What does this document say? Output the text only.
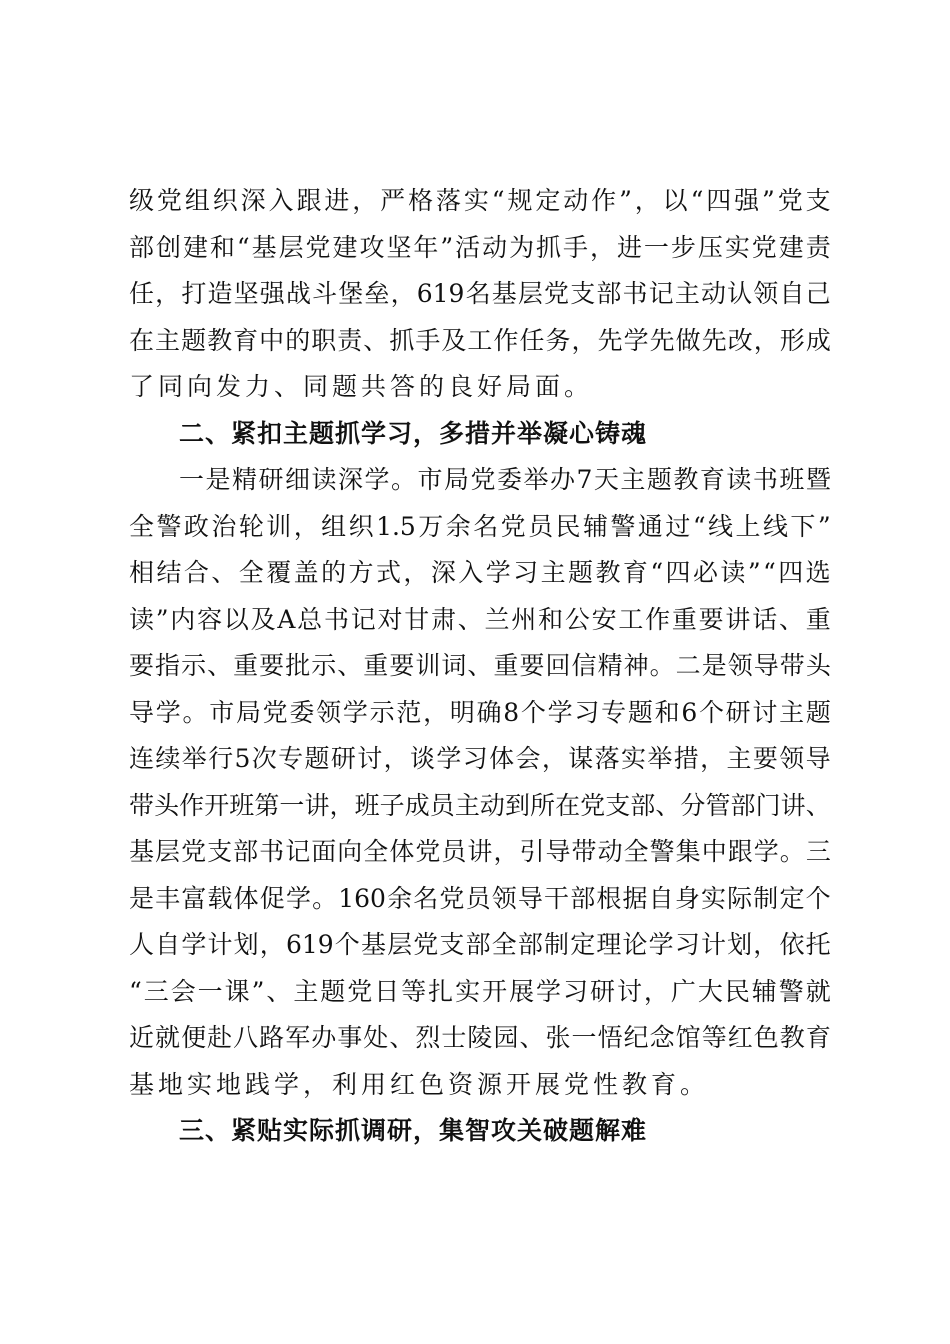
级 党 组 织 深 入 跟 进 ， 严 格 落 实 “ 规 定 动 作 ” ， 以 “ 四 强 ” 党 支
部 创 建 和 “ 基 层 党 建 攻 坚 年 ” 活 动 为 抓 手 ， 进 一 步 压 实 党 建 责
任 ， 打 造 坚 强 战 斗 堡 垒 ， 619 名 基 层 党 支 部 书 记 主 动 认 领 自 己
在 主 题 教 育 中 的 职 责 、 抓 手 及 工 作 任 务 ， 先 学 先 做 先 改 ， 形 成
了同向发力、同题共答的良好局面。
二、紧扣主题抓学习，多措并举凝心铸魂
一 是 精 研 细 读 深 学 。 市 局 党 委 举 办 7 天 主 题 教 育 读 书 班 暨
全 警 政 治 轮 训 ， 组 织 1.5 万 余 名 党 员 民 辅 警 通 过 “ 线 上 线 下 ”
相 结 合 、 全 覆 盖 的 方 式 ， 深 入 学 习 主 题 教 育 “ 四 必 读 ” “ 四 选
读 ” 内 容 以 及 A 总 书 记 对 甘 肃 、 兰 州 和 公 安 工 作 重 要 讲 话 、 重
要 指 示 、 重 要 批 示 、 重 要 训 词 、 重 要 回 信 精 神 。 二 是 领 导 带 头
导 学 。 市 局 党 委 领 学 示 范 ， 明 确 8 个 学 习 专 题 和 6 个 研 讨 主 题
连 续 举 行 5 次 专 题 研 讨 ， 谈 学 习 体 会 ， 谋 落 实 举 措 ， 主 要 领 导
带 头 作 开 班 第 一 讲 ， 班 子 成 员 主 动 到 所 在 党 支 部 、 分 管 部 门 讲 、
基 层 党 支 部 书 记 面 向 全 体 党 员 讲 ， 引 导 带 动 全 警 集 中 跟 学 。 三
是 丰 富 载 体 促 学 。 160 余 名 党 员 领 导 干 部 根 据 自 身 实 际 制 定 个
人 自 学 计 划 ， 619 个 基 层 党 支 部 全 部 制 定 理 论 学 习 计 划 ， 依 托
“ 三 会 一 课 ” 、 主 题 党 日 等 扎 实 开 展 学 习 研 讨 ， 广 大 民 辅 警 就
近 就 便 赴 八 路 军 办 事 处 、 烈 士 陵 园 、 张 一 悟 纪 念 馆 等 红 色 教 育
基地实地践学，利用红色资源开展党性教育。
三、紧贴实际抓调研，集智攻关破题解难
